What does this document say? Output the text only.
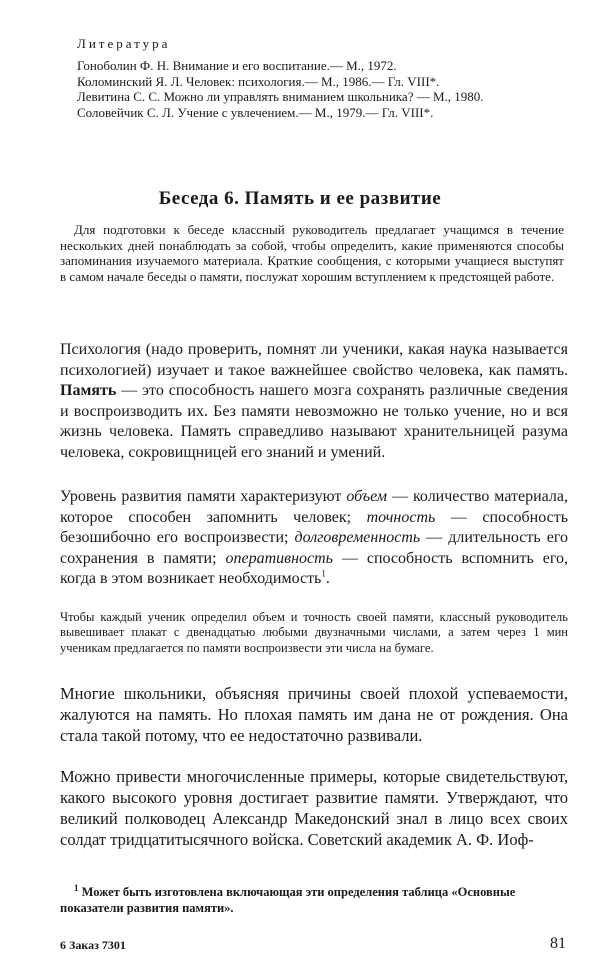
Литература

Гоноболин Ф. Н. Внимание и его воспитание.— М., 1972.

Коломинский Я. Л. Человек: психология.— М., 1986.— Гл. VIII*.

Левитина С. С. Можно ли управлять вниманием школьника? — М., 1980.

Соловейчик С. Л. Учение с увлечением.— М., 1979.— Гл. VIII*.

Беседа 6. Память и ее развитие
Для подготовки к беседе классный руководитель предлагает учащимся в течение нескольких дней понаблюдать за собой, чтобы определить, какие применяются способы запоминания изучаемого материала. Краткие сообщения, с которыми учащиеся выступят в самом начале беседы о памяти, послужат хорошим вступлением к предстоящей работе.

Психология (надо проверить, помнят ли ученики, какая наука называется психологией) изучает и такое важнейшее свойство человека, как память. Память — это способность нашего мозга сохранять различные сведения и воспроизводить их. Без памяти невозможно не только учение, но и вся жизнь человека. Память справедливо называют хранительницей разума человека, сокровищницей его знаний и умений.

Уровень развития памяти характеризуют объем — количество материала, которое способен запомнить человек; точность — способность безошибочно его воспроизвести; долговременность — длительность его сохранения в памяти; оперативность — способность вспомнить его, когда в этом возникает необходимость$^1$.

Чтобы каждый ученик определил объем и точность своей памяти, классный руководитель вывешивает плакат с двенадцатью любыми двузначными числами, а затем через 1 мин ученикам предлагается по памяти воспроизвести эти числа на бумаге.

Многие школьники, объясняя причины своей плохой успеваемости, жалуются на память. Но плохая память им дана не от рождения. Она стала такой потому, что ее недостаточно развивали.

Можно привести многочисленные примеры, которые свидетельствуют, какого высокого уровня достигает развитие памяти. Утверждают, что великий полководец Александр Македонский знал в лицо всех своих солдат тридцатитысячного войска. Советский академик А. Ф. Иоф-

$^1$ Может быть изготовлена включающая эти определения таблица «Основные показатели развития памяти».
6 Заказ 7301	81
